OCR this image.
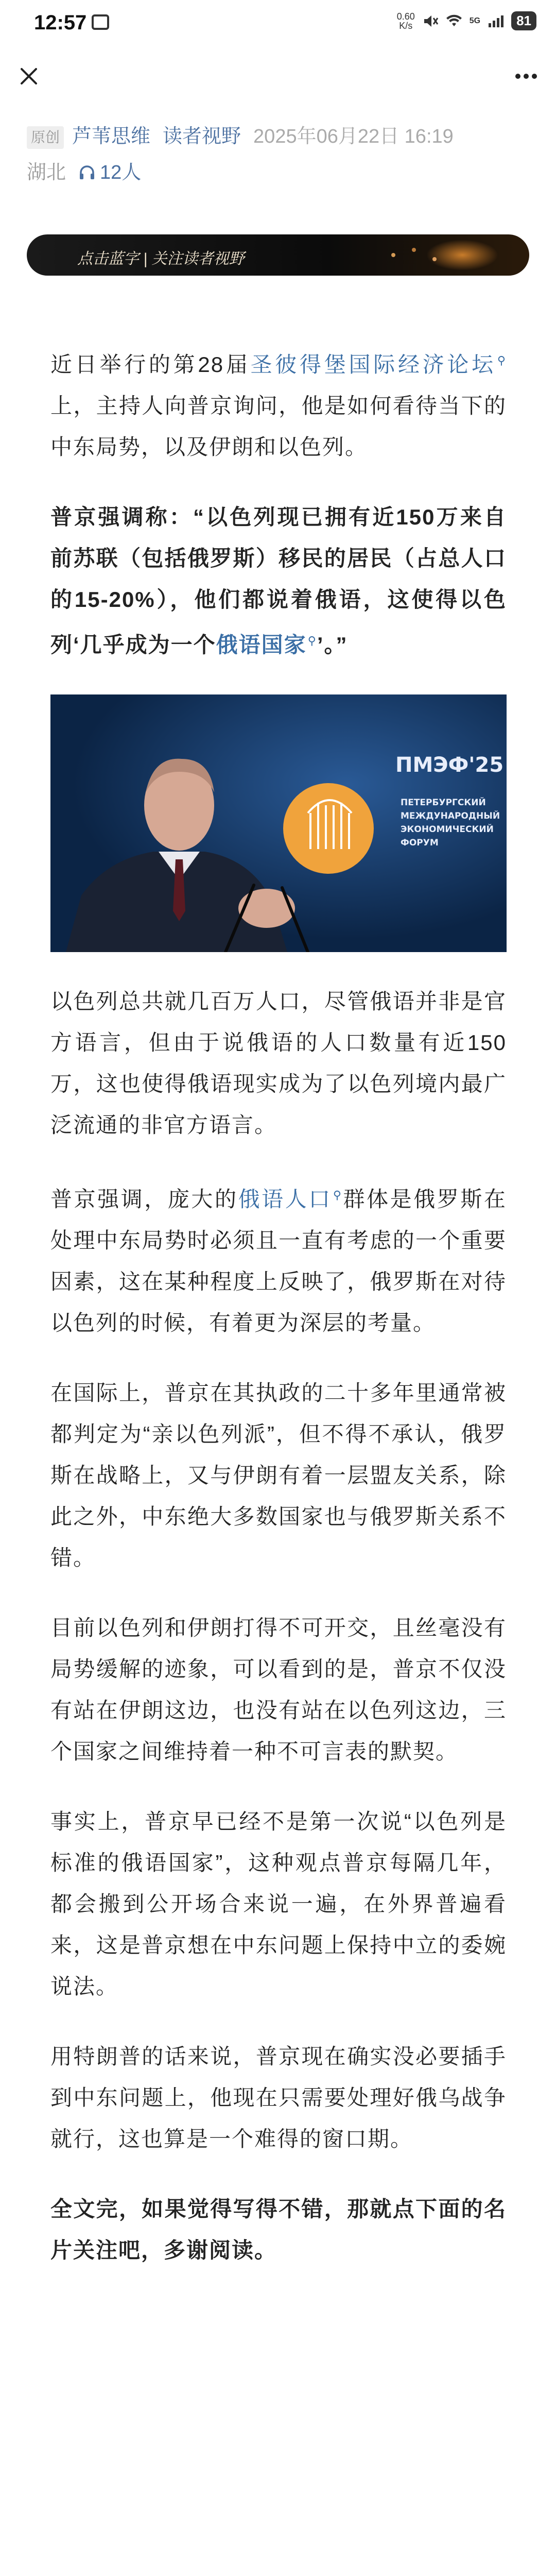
12:57	0.60
K/s	5G	81
原创 芦苇思维 读者视野 2025年06月22日 16:19
湖北 12人
点击蓝字 | 关注读者视野

近日举行的第28届圣彼得堡国际经济论坛⚲上，主持人向普京询问，他是如何看待当下的中东局势，以及伊朗和以色列。

普京强调称：“以色列现已拥有近150万来自前苏联（包括俄罗斯）移民的居民（占总人口的15-20%），他们都说着俄语，这使得以色列‘几乎成为一个俄语国家⚲’。”

ПМЭФ'25
ПЕТЕРБУРГСКИЙ
МЕЖДУНАРОДНЫЙ
ЭКОНОМИЧЕСКИЙ
ФОРУМ

以色列总共就几百万人口，尽管俄语并非是官方语言，但由于说俄语的人口数量有近150万，这也使得俄语现实成为了以色列境内最广泛流通的非官方语言。

普京强调，庞大的俄语人口⚲群体是俄罗斯在处理中东局势时必须且一直有考虑的一个重要因素，这在某种程度上反映了，俄罗斯在对待以色列的时候，有着更为深层的考量。

在国际上，普京在其执政的二十多年里通常被都判定为“亲以色列派”，但不得不承认，俄罗斯在战略上，又与伊朗有着一层盟友关系，除此之外，中东绝大多数国家也与俄罗斯关系不错。

目前以色列和伊朗打得不可开交，且丝毫没有局势缓解的迹象，可以看到的是，普京不仅没有站在伊朗这边，也没有站在以色列这边，三个国家之间维持着一种不可言表的默契。

事实上，普京早已经不是第一次说“以色列是标准的俄语国家”，这种观点普京每隔几年，都会搬到公开场合来说一遍，在外界普遍看来，这是普京想在中东问题上保持中立的委婉说法。

用特朗普的话来说，普京现在确实没必要插手到中东问题上，他现在只需要处理好俄乌战争就行，这也算是一个难得的窗口期。

全文完，如果觉得写得不错，那就点下面的名片关注吧，多谢阅读。
